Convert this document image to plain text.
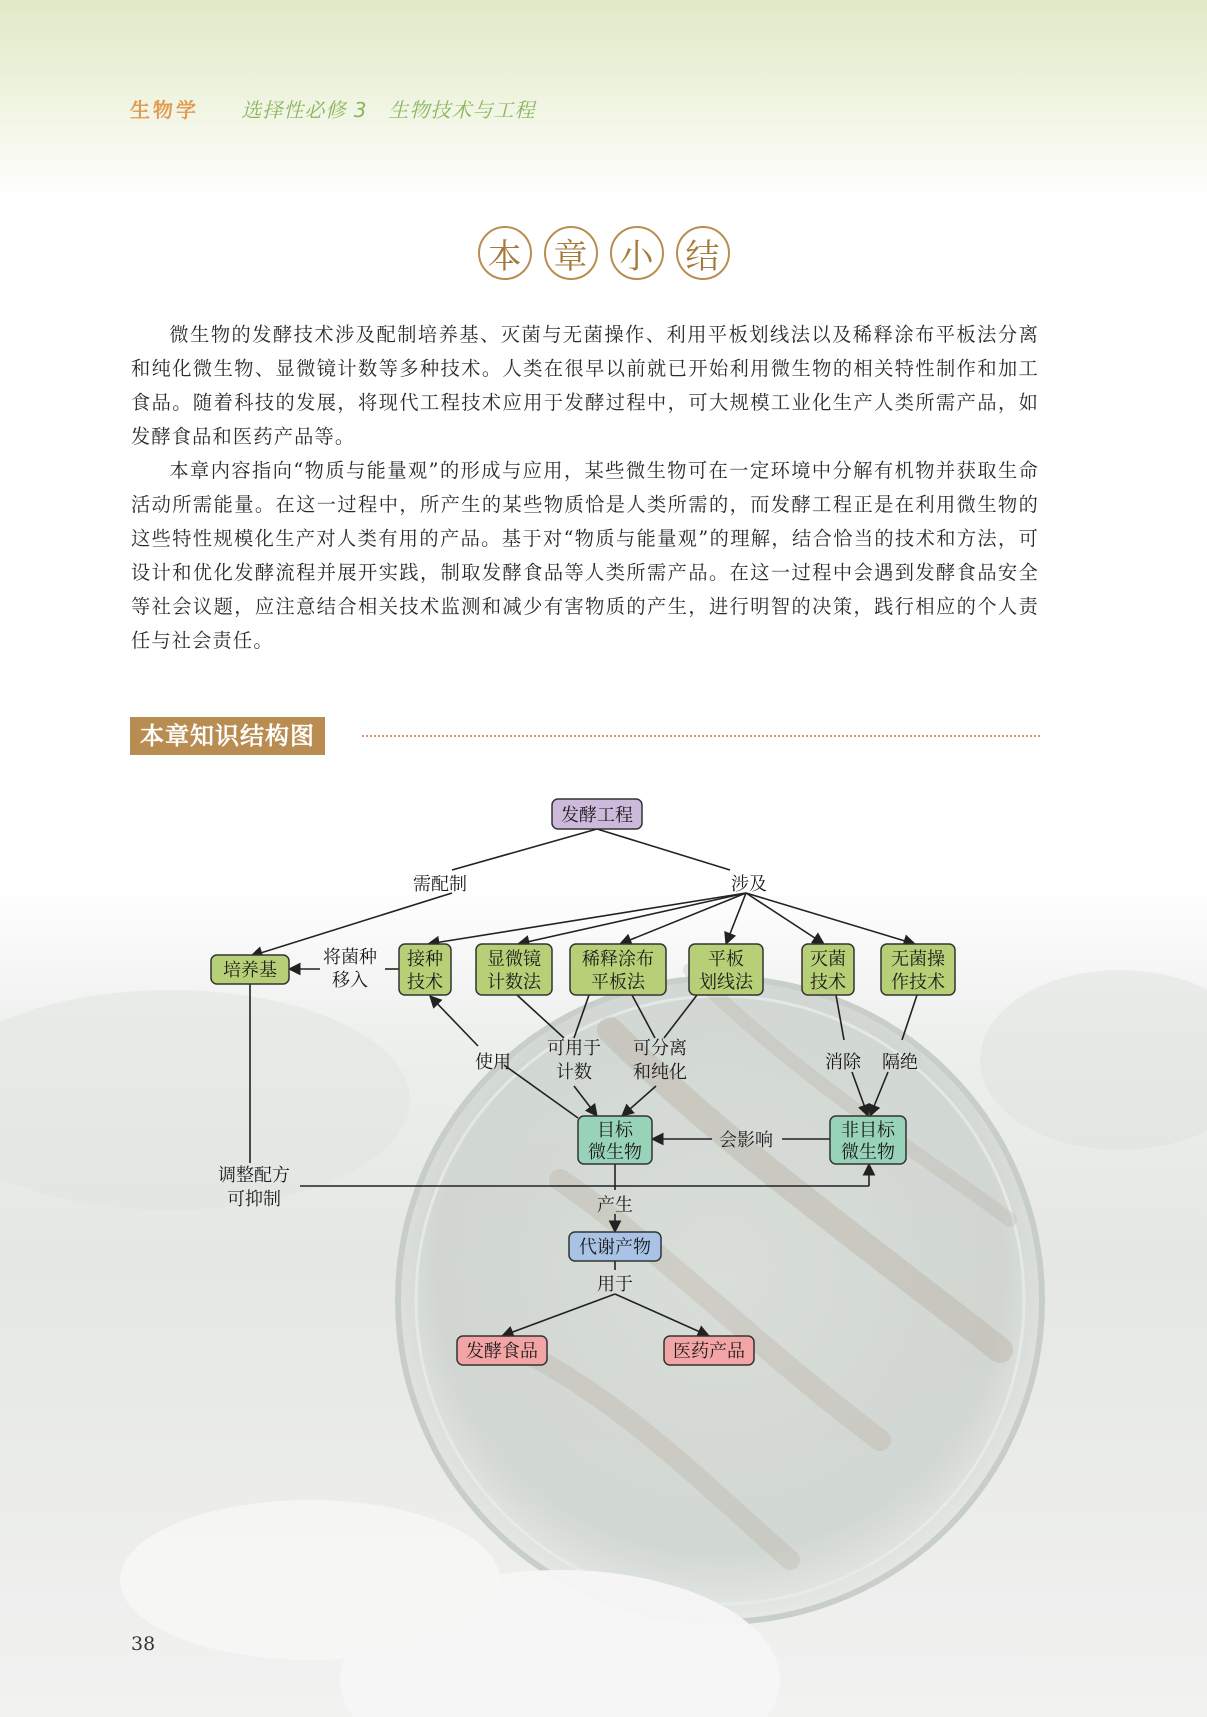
生物学 选择性必修 3　生物技术与工程
本 章 小 结

微生物的发酵技术涉及配制培养基、灭菌与无菌操作、利用平板划线法以及稀释涂布平板法分离和纯化微生物、显微镜计数等多种技术。人类在很早以前就已开始利用微生物的相关特性制作和加工食品。随着科技的发展，将现代工程技术应用于发酵过程中，可大规模工业化生产人类所需产品，如发酵食品和医药产品等。

本章内容指向“物质与能量观”的形成与应用，某些微生物可在一定环境中分解有机物并获取生命活动所需能量。在这一过程中，所产生的某些物质恰是人类所需的，而发酵工程正是在利用微生物的这些特性规模化生产对人类有用的产品。基于对“物质与能量观”的理解，结合恰当的技术和方法，可设计和优化发酵流程并展开实践，制取发酵食品等人类所需产品。在这一过程中会遇到发酵食品安全等社会议题，应注意结合相关技术监测和减少有害物质的产生，进行明智的决策，践行相应的个人责任与社会责任。

本章知识结构图
发酵工程
培养基
接种
技术
显微镜
计数法
稀释涂布
平板法
平板
划线法
灭菌
技术
无菌操
作技术
目标
微生物
非目标
微生物
代谢产物
发酵食品	医药产品
需配制	涉及
将菌种
移入
使用
可用于
计数
可分离
和纯化	消除 隔绝
会影响
调整配方
可抑制	产生
用于
38
